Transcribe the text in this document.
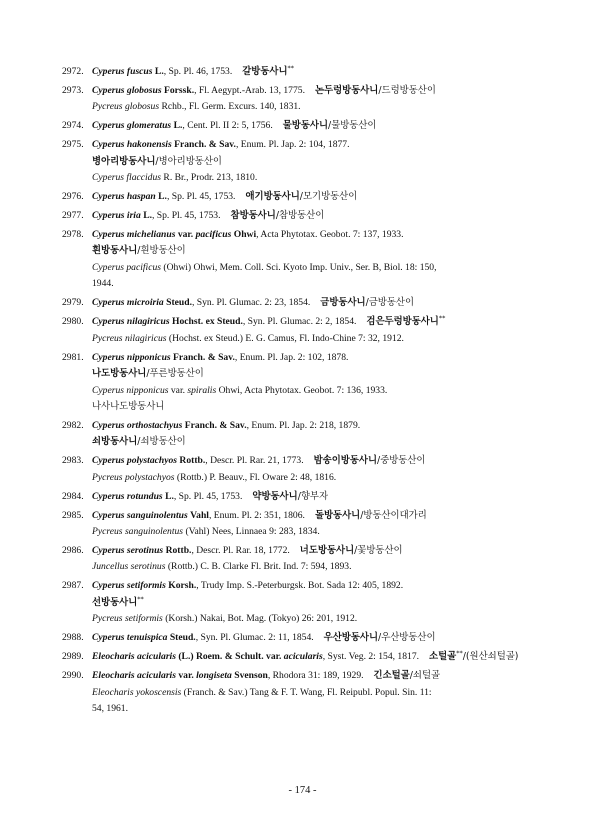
2972. Cyperus fuscus L., Sp. Pl. 46, 1753. 갈방동사니**
2973. Cyperus globosus Forssk., Fl. Aegypt.-Arab. 13, 1775. 논두렁방동사니/드렁방동산이
Pycreus globosus Rchb., Fl. Germ. Excurs. 140, 1831.
2974. Cyperus glomeratus L., Cent. Pl. II 2: 5, 1756. 물방동사니/물방동산이
2975. Cyperus hakonensis Franch. & Sav., Enum. Pl. Jap. 2: 104, 1877.
병아리방동사니/병아리방동산이
Cyperus flaccidus R. Br., Prodr. 213, 1810.
2976. Cyperus haspan L., Sp. Pl. 45, 1753. 애기방동사니/모기방동산이
2977. Cyperus iria L., Sp. Pl. 45, 1753. 참방동사니/참방동산이
2978. Cyperus michelianus var. pacificus Ohwi, Acta Phytotax. Geobot. 7: 137, 1933.
흰방동사니/흰방동산이
Cyperus pacificus (Ohwi) Ohwi, Mem. Coll. Sci. Kyoto Imp. Univ., Ser. B, Biol. 18: 150,
1944.
2979. Cyperus microiria Steud., Syn. Pl. Glumac. 2: 23, 1854. 금방동사니/금방동산이
2980. Cyperus nilagiricus Hochst. ex Steud., Syn. Pl. Glumac. 2: 2, 1854. 검은두렁방동사니**
Pycreus nilagiricus (Hochst. ex Steud.) E. G. Camus, Fl. Indo-Chine 7: 32, 1912.
2981. Cyperus nipponicus Franch. & Sav., Enum. Pl. Jap. 2: 102, 1878.
나도방동사니/푸른방동산이
Cyperus nipponicus var. spiralis Ohwi, Acta Phytotax. Geobot. 7: 136, 1933.
나사나도방동사니
2982. Cyperus orthostachyus Franch. & Sav., Enum. Pl. Jap. 2: 218, 1879.
쇠방동사니/쇠방동산이
2983. Cyperus polystachyos Rottb., Descr. Pl. Rar. 21, 1773. 밤송이방동사니/중방동산이
Pycreus polystachyos (Rottb.) P. Beauv., Fl. Oware 2: 48, 1816.
2984. Cyperus rotundus L., Sp. Pl. 45, 1753. 약방동사니/향부자
2985. Cyperus sanguinolentus Vahl, Enum. Pl. 2: 351, 1806. 돌방동사니/방동산이대가리
Pycreus sanguinolentus (Vahl) Nees, Linnaea 9: 283, 1834.
2986. Cyperus serotinus Rottb., Descr. Pl. Rar. 18, 1772. 너도방동사니/꽃방동산이
Juncellus serotinus (Rottb.) C. B. Clarke Fl. Brit. Ind. 7: 594, 1893.
2987. Cyperus setiformis Korsh., Trudy Imp. S.-Peterburgsk. Bot. Sada 12: 405, 1892.
선방동사니**
Pycreus setiformis (Korsh.) Nakai, Bot. Mag. (Tokyo) 26: 201, 1912.
2988. Cyperus tenuispica Steud., Syn. Pl. Glumac. 2: 11, 1854. 우산방동사니/우산방동산이
2989. Eleocharis acicularis (L.) Roem. & Schult. var. acicularis, Syst. Veg. 2: 154, 1817. 소털골**/(원산쇠털골)
2990. Eleocharis acicularis var. longiseta Svenson, Rhodora 31: 189, 1929. 긴소털골/쇠털골
Eleocharis yokoscensis (Franch. & Sav.) Tang & F. T. Wang, Fl. Reipubl. Popul. Sin. 11:
54, 1961.
- 174 -
